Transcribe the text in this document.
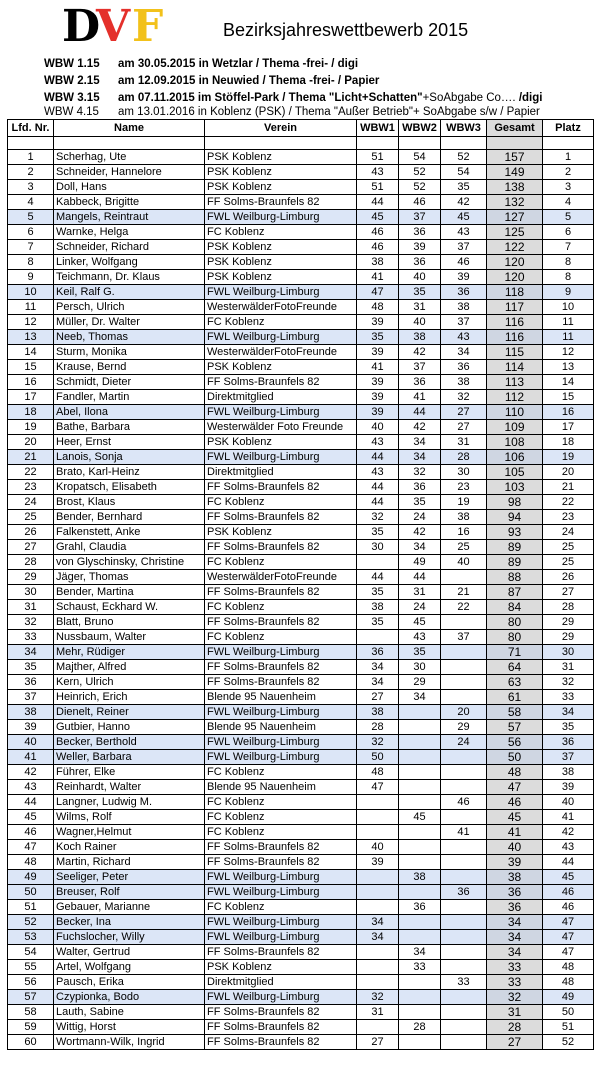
D
V F	Bezirksjahreswettbewerb 2015
WBW 1.15 am 30.05.2015 in Wetzlar / Thema -frei- / digi
WBW 2.15 am 12.09.2015 in Neuwied / Thema -frei- / Papier
WBW 3.15 am 07.11.2015 im Stöffel-Park / Thema "Licht+Schatten"+SoAbgabe Co…. /digi
WBW 4.15 am 13.01.2016 in Koblenz (PSK) / Thema "Außer Betrieb"+ SoAbgabe s/w / Papier
Lfd. Nr.	Name	Verein	WBW1	WBW2	WBW3	Gesamt	Platz

1	Scherhag, Ute	PSK Koblenz	51	54	52	157	1
2	Schneider, Hannelore	PSK Koblenz	43	52	54	149	2
3	Doll, Hans	PSK Koblenz	51	52	35	138	3
4	Kabbeck, Brigitte	FF Solms-Braunfels 82	44	46	42	132	4
5	Mangels, Reintraut	FWL Weilburg-Limburg	45	37	45	127	5
6	Warnke, Helga	FC Koblenz	46	36	43	125	6
7	Schneider, Richard	PSK Koblenz	46	39	37	122	7
8	Linker, Wolfgang	PSK Koblenz	38	36	46	120	8
9	Teichmann, Dr. Klaus	PSK Koblenz	41	40	39	120	8
10	Keil, Ralf G.	FWL Weilburg-Limburg	47	35	36	118	9
11	Persch, Ulrich	WesterwälderFotoFreunde	48	31	38	117	10
12	Müller, Dr. Walter	FC Koblenz	39	40	37	116	11
13	Neeb, Thomas	FWL Weilburg-Limburg	35	38	43	116	11
14	Sturm, Monika	WesterwälderFotoFreunde	39	42	34	115	12
15	Krause, Bernd	PSK Koblenz	41	37	36	114	13
16	Schmidt, Dieter	FF Solms-Braunfels 82	39	36	38	113	14
17	Fandler, Martin	Direktmitglied	39	41	32	112	15
18	Abel, Ilona	FWL Weilburg-Limburg	39	44	27	110	16
19	Bathe, Barbara	Westerwälder Foto Freunde	40	42	27	109	17
20	Heer, Ernst	PSK Koblenz	43	34	31	108	18
21	Lanois, Sonja	FWL Weilburg-Limburg	44	34	28	106	19
22	Brato, Karl-Heinz	Direktmitglied	43	32	30	105	20
23	Kropatsch, Elisabeth	FF Solms-Braunfels 82	44	36	23	103	21
24	Brost, Klaus	FC Koblenz	44	35	19	98	22
25	Bender, Bernhard	FF Solms-Braunfels 82	32	24	38	94	23
26	Falkenstett, Anke	PSK Koblenz	35	42	16	93	24
27	Grahl, Claudia	FF Solms-Braunfels 82	30	34	25	89	25
28	von Glyschinsky, Christine	FC Koblenz		49	40	89	25
29	Jäger, Thomas	WesterwälderFotoFreunde	44	44		88	26
30	Bender, Martina	FF Solms-Braunfels 82	35	31	21	87	27
31	Schaust, Eckhard W.	FC Koblenz	38	24	22	84	28
32	Blatt, Bruno	FF Solms-Braunfels 82	35	45		80	29
33	Nussbaum, Walter	FC Koblenz		43	37	80	29
34	Mehr, Rüdiger	FWL Weilburg-Limburg	36	35		71	30
35	Majther, Alfred	FF Solms-Braunfels 82	34	30		64	31
36	Kern, Ulrich	FF Solms-Braunfels 82	34	29		63	32
37	Heinrich, Erich	Blende 95 Nauenheim	27	34		61	33
38	Dienelt, Reiner	FWL Weilburg-Limburg	38		20	58	34
39	Gutbier, Hanno	Blende 95 Nauenheim	28		29	57	35
40	Becker, Berthold	FWL Weilburg-Limburg	32		24	56	36
41	Weller, Barbara	FWL Weilburg-Limburg	50			50	37
42	Führer, Elke	FC Koblenz	48			48	38
43	Reinhardt, Walter	Blende 95 Nauenheim	47			47	39
44	Langner, Ludwig M.	FC Koblenz			46	46	40
45	Wilms, Rolf	FC Koblenz		45		45	41
46	Wagner,Helmut	FC Koblenz			41	41	42
47	Koch Rainer	FF Solms-Braunfels 82	40			40	43
48	Martin, Richard	FF Solms-Braunfels 82	39			39	44
49	Seeliger, Peter	FWL Weilburg-Limburg		38		38	45
50	Breuser, Rolf	FWL Weilburg-Limburg			36	36	46
51	Gebauer, Marianne	FC Koblenz		36		36	46
52	Becker, Ina	FWL Weilburg-Limburg	34			34	47
53	Fuchslocher, Willy	FWL Weilburg-Limburg	34			34	47
54	Walter, Gertrud	FF Solms-Braunfels 82		34		34	47
55	Artel, Wolfgang	PSK Koblenz		33		33	48
56	Pausch, Erika	Direktmitglied			33	33	48
57	Czypionka, Bodo	FWL Weilburg-Limburg	32			32	49
58	Lauth, Sabine	FF Solms-Braunfels 82	31			31	50
59	Wittig, Horst	FF Solms-Braunfels 82		28		28	51
60	Wortmann-Wilk, Ingrid	FF Solms-Braunfels 82	27			27	52
